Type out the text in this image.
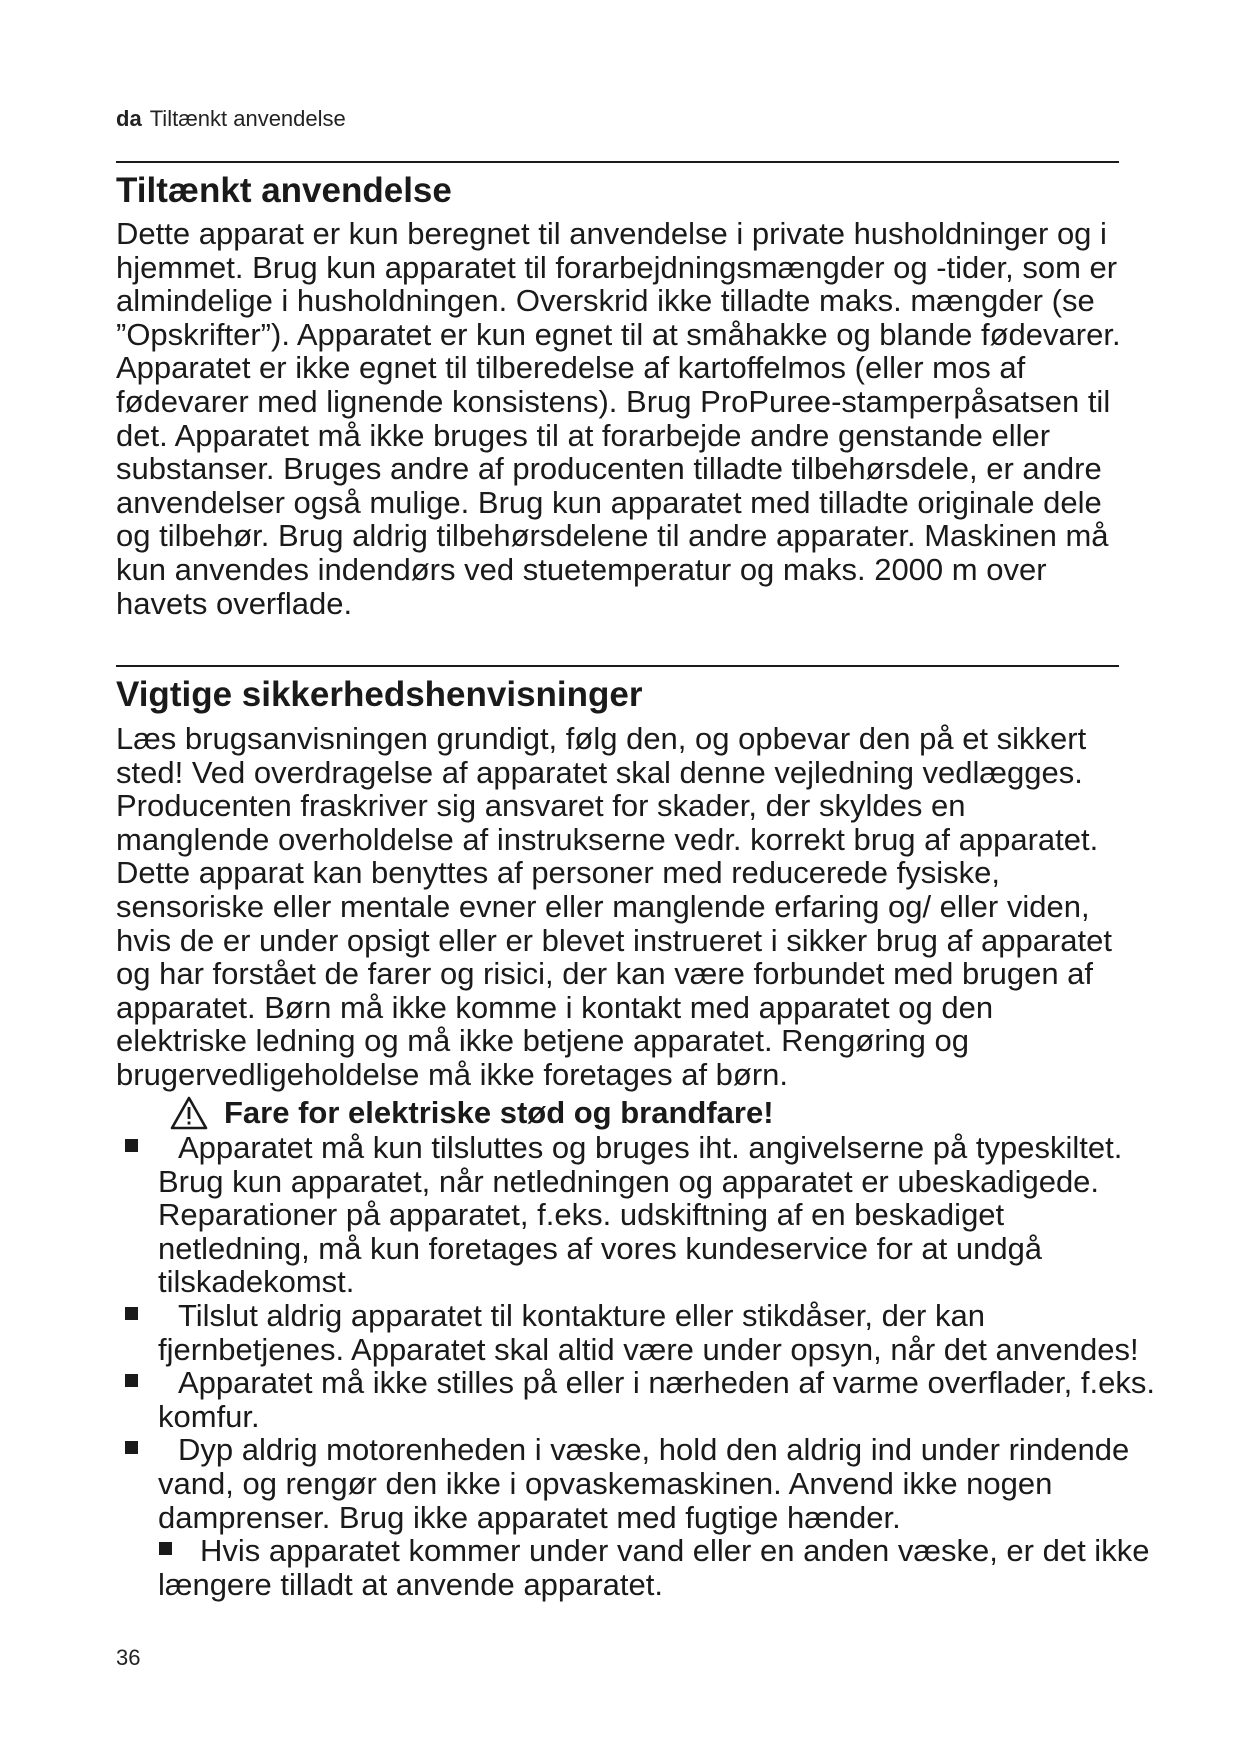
da Tiltænkt anvendelse
Tiltænkt anvendelse

Dette apparat er kun beregnet til anvendelse i private husholdninger og i hjemmet. Brug kun apparatet til forarbejdningsmængder og -tider, som er almindelige i husholdningen. Overskrid ikke tilladte maks. mængder (se ”Opskrifter”). Apparatet er kun egnet til at småhakke og blande fødevarer. Apparatet er ikke egnet til tilberedelse af kartoffelmos (eller mos af fødevarer med lignende konsistens). Brug ProPuree-stamperpåsatsen til det. Apparatet må ikke bruges til at forarbejde andre genstande eller substanser. Bruges andre af producenten tilladte tilbehørsdele, er andre anvendelser også mulige. Brug kun apparatet med tilladte originale dele og tilbehør. Brug aldrig tilbehørsdelene til andre apparater. Maskinen må kun anvendes indendørs ved stuetemperatur og maks. 2000 m over havets overflade.

Vigtige sikkerhedshenvisninger

Læs brugsanvisningen grundigt, følg den, og opbevar den på et sikkert sted! Ved overdragelse af apparatet skal denne vejledning vedlægges. Producenten fraskriver sig ansvaret for skader, der skyldes en manglende overholdelse af instrukserne vedr. korrekt brug af apparatet. Dette apparat kan benyttes af personer med reducerede fysiske, sensoriske eller mentale evner eller manglende erfaring og/ eller viden, hvis de er under opsigt eller er blevet instrueret i sikker brug af apparatet og har forstået de farer og risici, der kan være forbundet med brugen af apparatet. Børn må ikke komme i kontakt med apparatet og den elektriske ledning og må ikke betjene apparatet. Rengøring og brugervedligeholdelse må ikke foretages af børn.

Fare for elektriske stød og brandfare!
Apparatet må kun tilsluttes og bruges iht. angivelserne på typeskiltet. Brug kun apparatet, når netledningen og apparatet er ubeskadigede. Reparationer på apparatet, f.eks. udskiftning af en beskadiget netledning, må kun foretages af vores kundeservice for at undgå tilskadekomst.
Tilslut aldrig apparatet til kontakture eller stikdåser, der kan fjernbetjenes. Apparatet skal altid være under opsyn, når det anvendes!
Apparatet må ikke stilles på eller i nærheden af varme overflader, f.eks. komfur.
Dyp aldrig motorenheden i væske, hold den aldrig ind under rindende vand, og rengør den ikke i opvaskemaskinen. Anvend ikke nogen damprenser. Brug ikke apparatet med fugtige hænder.
Hvis apparatet kommer under vand eller en anden væske, er det ikke længere tilladt at anvende apparatet.
36
